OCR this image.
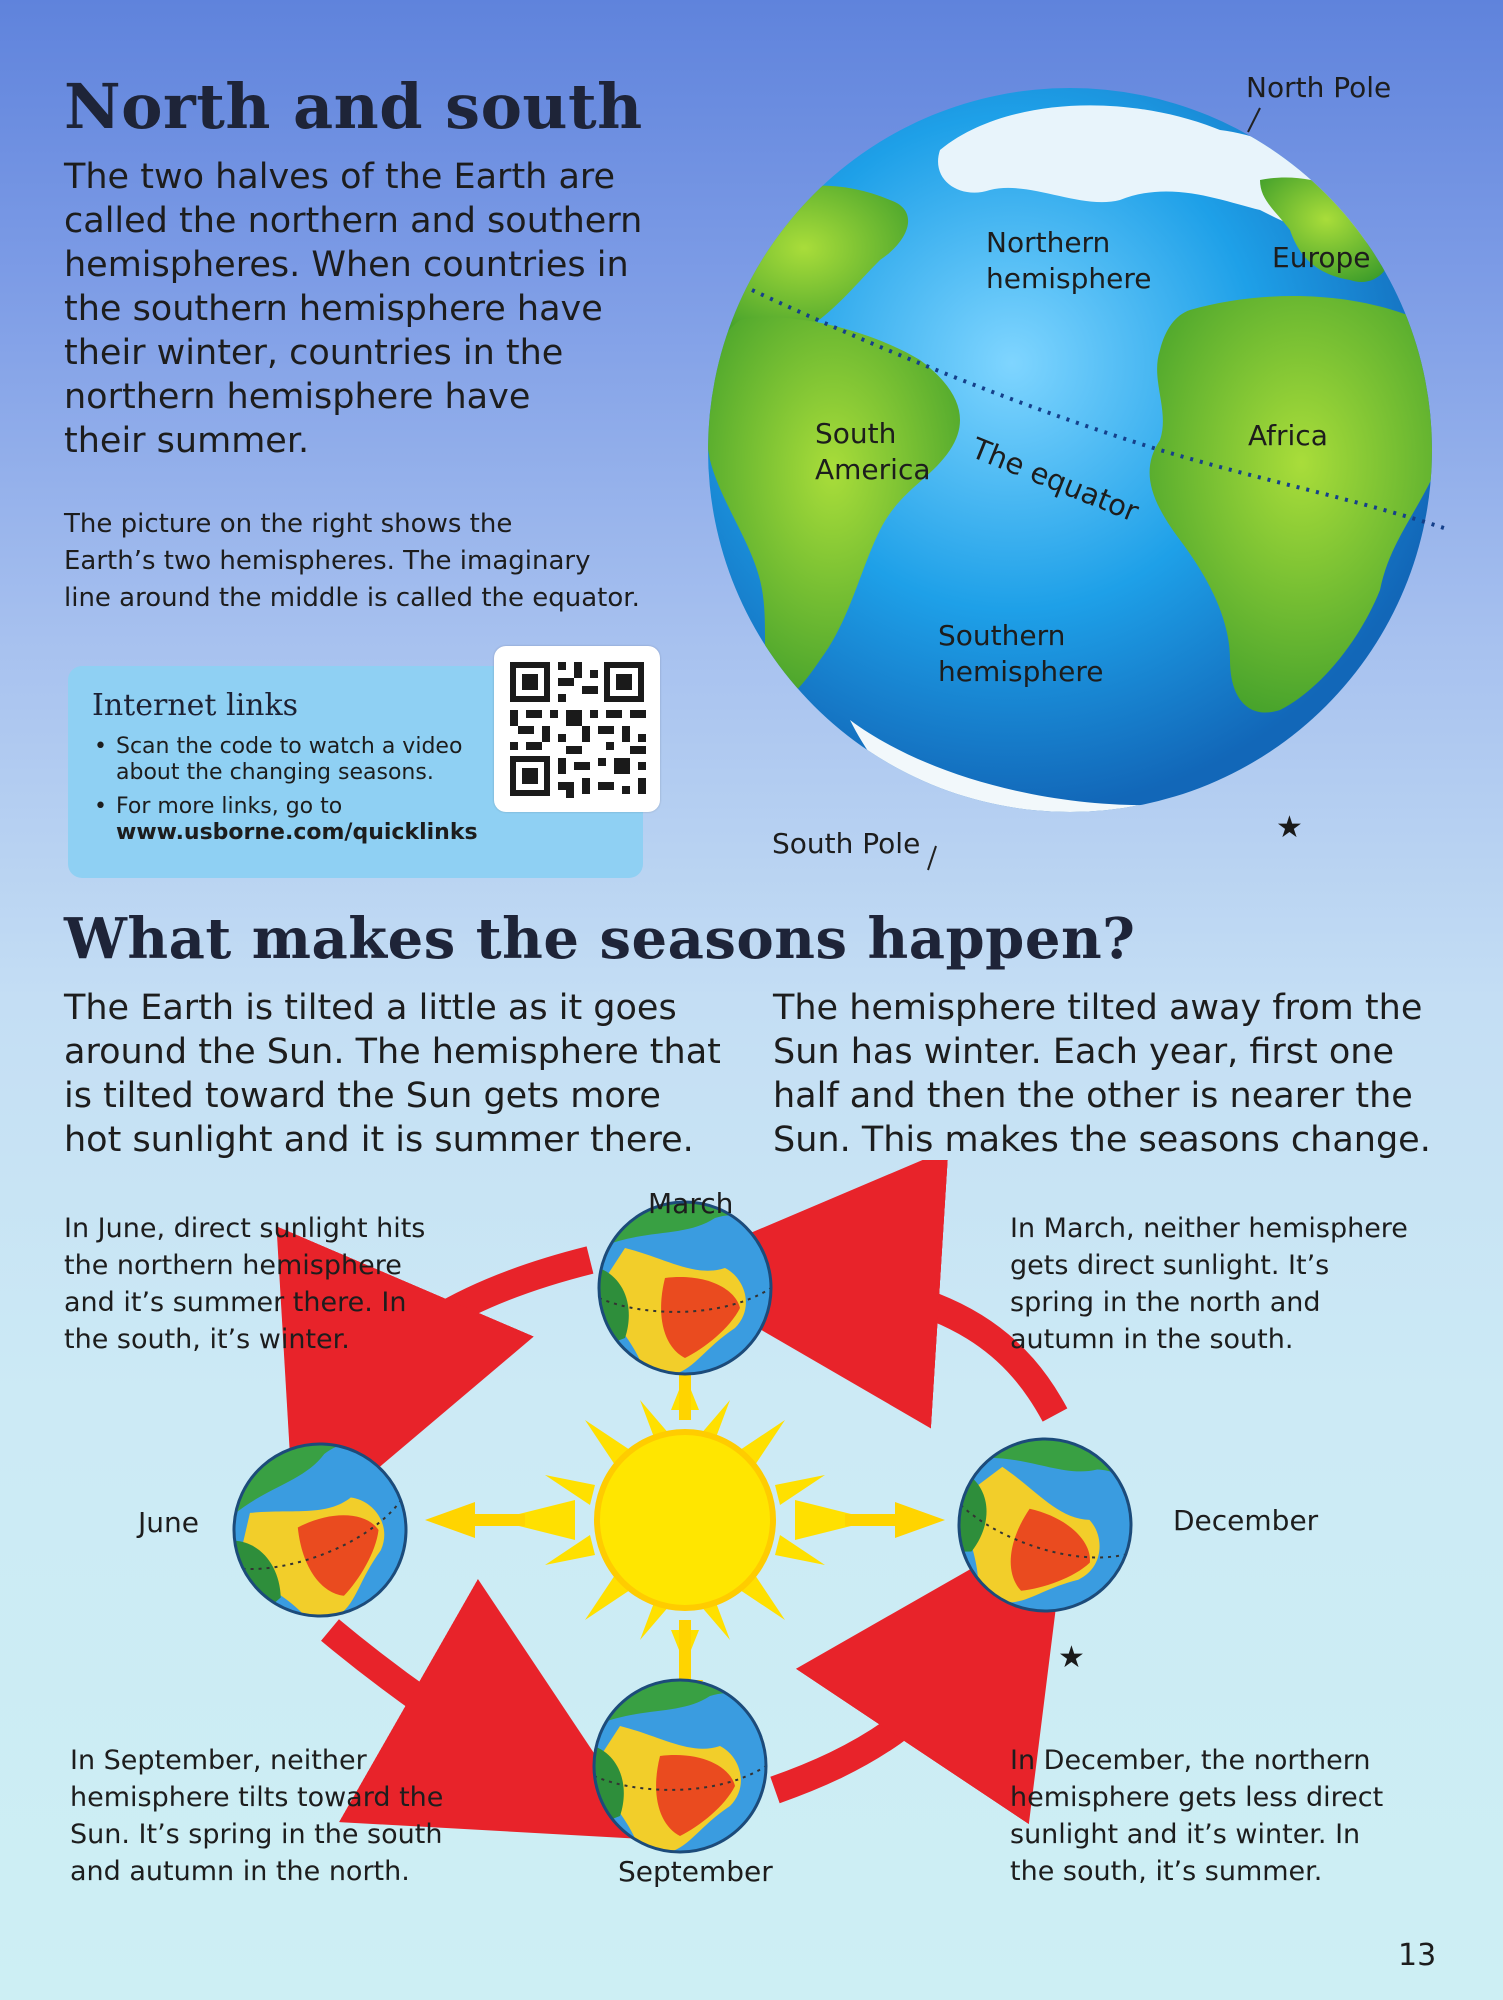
North and south
The two halves of the Earth are
called the northern and southern
hemispheres. When countries in
the southern hemisphere have
their winter, countries in the
northern hemisphere have
their summer.
The picture on the right shows the
Earth’s two hemispheres. The imaginary
line around the middle is called the equator.
Internet links
• Scan the code to watch a video about the changing seasons.
• For more links, go to
www.usborne.com/quicklinks
North Pole
Northern
hemisphere
Europe
South
America The equator	Africa
Southern
hemisphere
South Pole	★
What makes the seasons happen?
The Earth is tilted a little as it goes
around the Sun. The hemisphere that
is tilted toward the Sun gets more
hot sunlight and it is summer there.
The hemisphere tilted away from the
Sun has winter. Each year, first one
half and then the other is nearer the
Sun. This makes the seasons change.
March
June	December
September
In June, direct sunlight hits
the northern hemisphere
and it’s summer there. In
the south, it’s winter.
In March, neither hemisphere
gets direct sunlight. It’s
spring in the north and
autumn in the south.
In September, neither
hemisphere tilts toward the
Sun. It’s spring in the south
and autumn in the north.
In December, the northern
hemisphere gets less direct
sunlight and it’s winter. In
the south, it’s summer.
★
13
